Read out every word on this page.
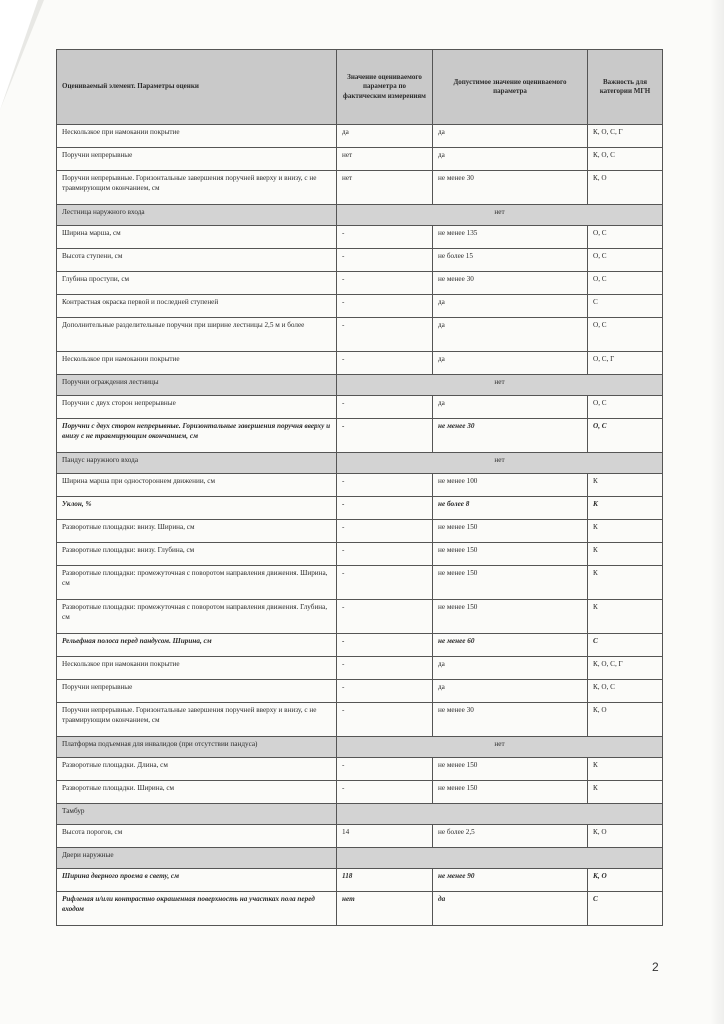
Оцениваемый элемент. Параметры оценки	Значение оцениваемого параметра по фактическим измерениям	Допустимое значение оцениваемого параметра	Важность для категории МГН
Нескользкое при намокании покрытие	да	да	К, О, С, Г
Поручни непрерывные	нет	да	К, О, С
Поручни непрерывные. Горизонтальные завершения поручней вверху и внизу, с не травмирующим окончанием, см	нет	не менее 30	К, О
Лестница наружного входа	нет		
Ширина марша, см	-	не менее 135	О, С
Высота ступени, см	-	не более 15	О, С
Глубина проступи, см	-	не менее 30	О, С
Контрастная окраска первой и последней ступеней	-	да	С
Дополнительные разделительные поручни при ширине лестницы 2,5 м и более	-	да	О, С
Нескользкое при намокании покрытие	-	да	О, С, Г
Поручни ограждения лестницы	нет		
Поручни с двух сторон непрерывные	-	да	О, С
Поручни с двух сторон непрерывные. Горизонтальные завершения поручня вверху и внизу с не травмирующим окончанием, см	-	не менее 30	О, С
Пандус наружного входа	нет		
Ширина марша при одностороннем движении, см	-	не менее 100	К
Уклон, %	-	не более 8	К
Разворотные площадки: внизу. Ширина, см	-	не менее 150	К
Разворотные площадки: внизу. Глубина, см	-	не менее 150	К
Разворотные площадки: промежуточная с поворотом направления движения. Ширина, см	-	не менее 150	К
Разворотные площадки: промежуточная с поворотом направления движения. Глубина, см	-	не менее 150	К
Рельефная полоса перед пандусом. Ширина, см	-	не менее 60	С
Нескользкое при намокании покрытие	-	да	К, О, С, Г
Поручни непрерывные	-	да	К, О, С
Поручни непрерывные. Горизонтальные завершения поручней вверху и внизу, с не травмирующим окончанием, см	-	не менее 30	К, О
Платформа подъемная для инвалидов (при отсутствии пандуса)	нет		
Разворотные площадки. Длина, см	-	не менее 150	К
Разворотные площадки. Ширина, см	-	не менее 150	К
Тамбур			
Высота порогов, см	14	не более 2,5	К, О
Двери наружные			
Ширина дверного проема в свету, см	118	не менее 90	К, О
Рифленая и/или контрастно окрашенная поверхность на участках пола перед входом	нет	да	С
2
